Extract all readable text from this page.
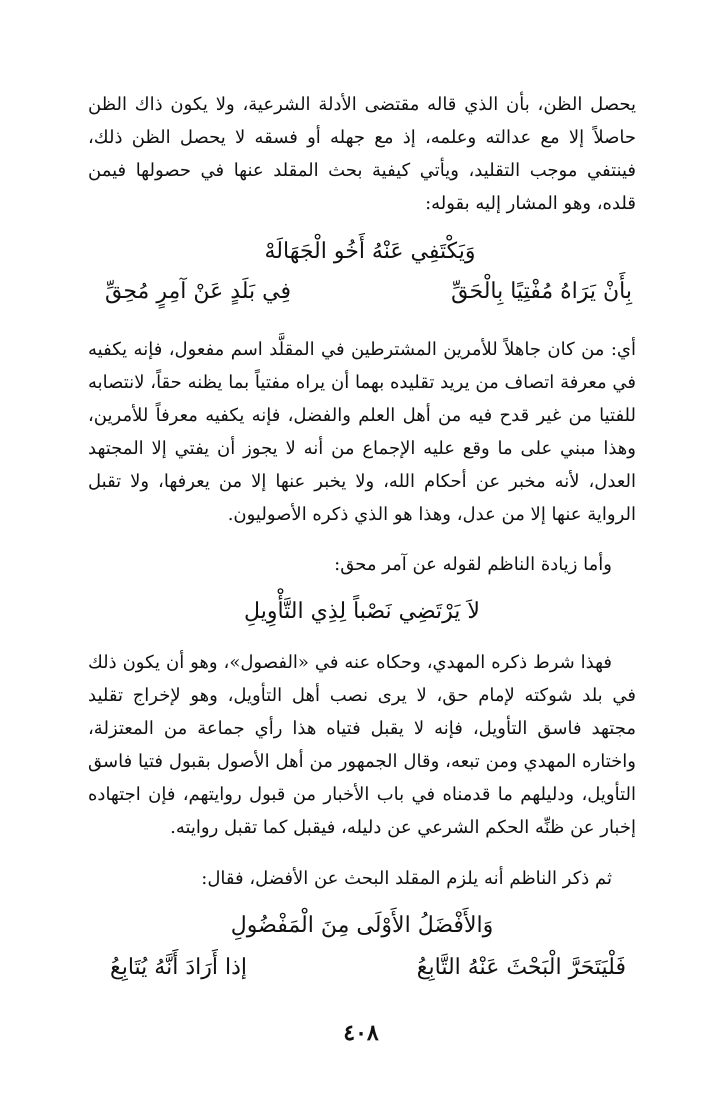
يحصل الظن، بأن الذي قاله مقتضى الأدلة الشرعية، ولا يكون ذاك الظن حاصلاً إلا مع عدالته وعلمه، إذ مع جهله أو فسقه لا يحصل الظن ذلك، فينتفي موجب التقليد، ويأتي كيفية بحث المقلد عنها في حصولها فيمن قلده، وهو المشار إليه بقوله:

وَيَكْتَفِي عَنْهُ أَخُو الْجَهَالَهْ

بِأَنْ يَرَاهُ مُفْتِيًا بِالْحَقِّ

فِي بَلَدٍ عَنْ آمِرٍ مُحِقِّ

أي: من كان جاهلاً للأمرين المشترطين في المقلَّد اسم مفعول، فإنه يكفيه في معرفة اتصاف من يريد تقليده بهما أن يراه مفتياً بما يظنه حقاً، لانتصابه للفتيا من غير قدح فيه من أهل العلم والفضل، فإنه يكفيه معرفاً للأمرين، وهذا مبني على ما وقع عليه الإجماع من أنه لا يجوز أن يفتي إلا المجتهد العدل، لأنه مخبر عن أحكام الله، ولا يخبر عنها إلا من يعرفها، ولا تقبل الرواية عنها إلا من عدل، وهذا هو الذي ذكره الأصوليون.

وأما زيادة الناظم لقوله عن آمر محق:

لاَ يَرْتَضِي نَصْباً لِذِي التَّأْوِيلِ

فهذا شرط ذكره المهدي، وحكاه عنه في «الفصول»، وهو أن يكون ذلك في بلد شوكته لإمام حق، لا يرى نصب أهل التأويل، وهو لإخراج تقليد مجتهد فاسق التأويل، فإنه لا يقبل فتياه هذا رأي جماعة من المعتزلة، واختاره المهدي ومن تبعه، وقال الجمهور من أهل الأصول بقبول فتيا فاسق التأويل، ودليلهم ما قدمناه في باب الأخبار من قبول روايتهم، فإن اجتهاده إخبار عن ظنِّه الحكم الشرعي عن دليله، فيقبل كما تقبل روايته.

ثم ذكر الناظم أنه يلزم المقلد البحث عن الأفضل، فقال:

وَالأَفْضَلُ الأَوْلَى مِنَ الْمَفْضُولِ

فَلْيَتَحَرَّ الْبَحْثَ عَنْهُ التَّابِعُ

إذا أَرَادَ أَنَّهُ يُتَابِعُ

٤٠٨
